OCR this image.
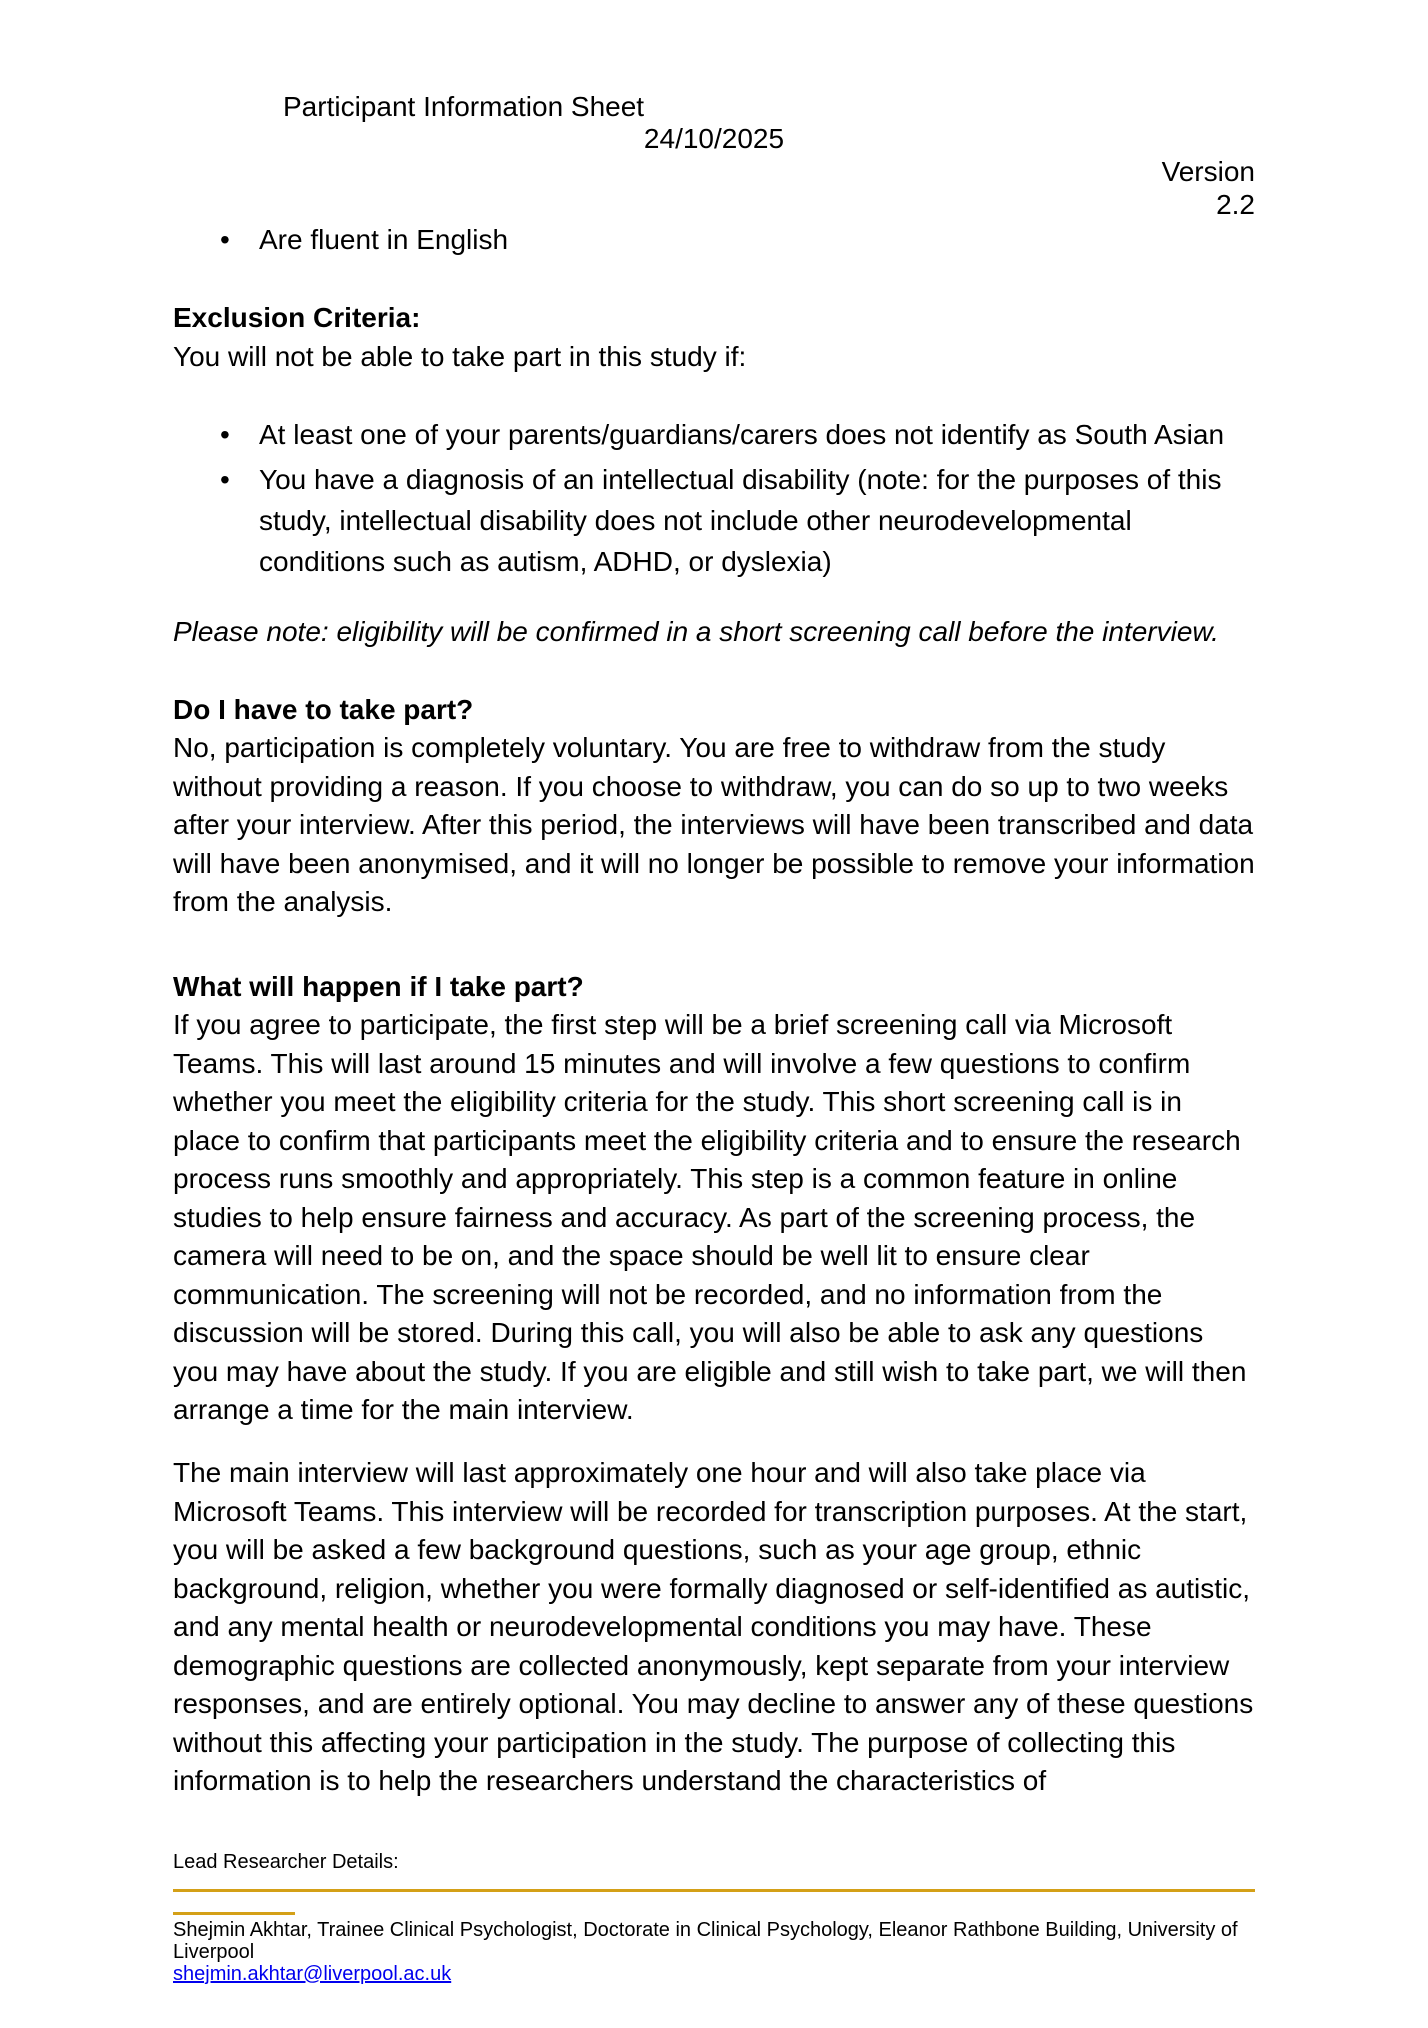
Participant Information Sheet
24/10/2025
Version
2.2
•	Are fluent in English
Exclusion Criteria:
You will not be able to take part in this study if:
•	At least one of your parents/guardians/carers does not identify as South Asian
•	You have a diagnosis of an intellectual disability (note: for the purposes of this study, intellectual disability does not include other neurodevelopmental conditions such as autism, ADHD, or dyslexia)
Please note: eligibility will be confirmed in a short screening call before the interview.
Do I have to take part?
No, participation is completely voluntary. You are free to withdraw from the study without providing a reason. If you choose to withdraw, you can do so up to two weeks after your interview. After this period, the interviews will have been transcribed and data will have been anonymised, and it will no longer be possible to remove your information from the analysis.
What will happen if I take part?
If you agree to participate, the first step will be a brief screening call via Microsoft Teams. This will last around 15 minutes and will involve a few questions to confirm whether you meet the eligibility criteria for the study. This short screening call is in place to confirm that participants meet the eligibility criteria and to ensure the research process runs smoothly and appropriately. This step is a common feature in online studies to help ensure fairness and accuracy. As part of the screening process, the camera will need to be on, and the space should be well lit to ensure clear communication. The screening will not be recorded, and no information from the discussion will be stored. During this call, you will also be able to ask any questions you may have about the study. If you are eligible and still wish to take part, we will then arrange a time for the main interview.
The main interview will last approximately one hour and will also take place via Microsoft Teams. This interview will be recorded for transcription purposes. At the start, you will be asked a few background questions, such as your age group, ethnic background, religion, whether you were formally diagnosed or self-identified as autistic, and any mental health or neurodevelopmental conditions you may have. These demographic questions are collected anonymously, kept separate from your interview responses, and are entirely optional. You may decline to answer any of these questions without this affecting your participation in the study. The purpose of collecting this information is to help the researchers understand the characteristics of
Lead Researcher Details:
Shejmin Akhtar, Trainee Clinical Psychologist, Doctorate in Clinical Psychology, Eleanor Rathbone Building, University of Liverpool
shejmin.akhtar@liverpool.ac.uk
